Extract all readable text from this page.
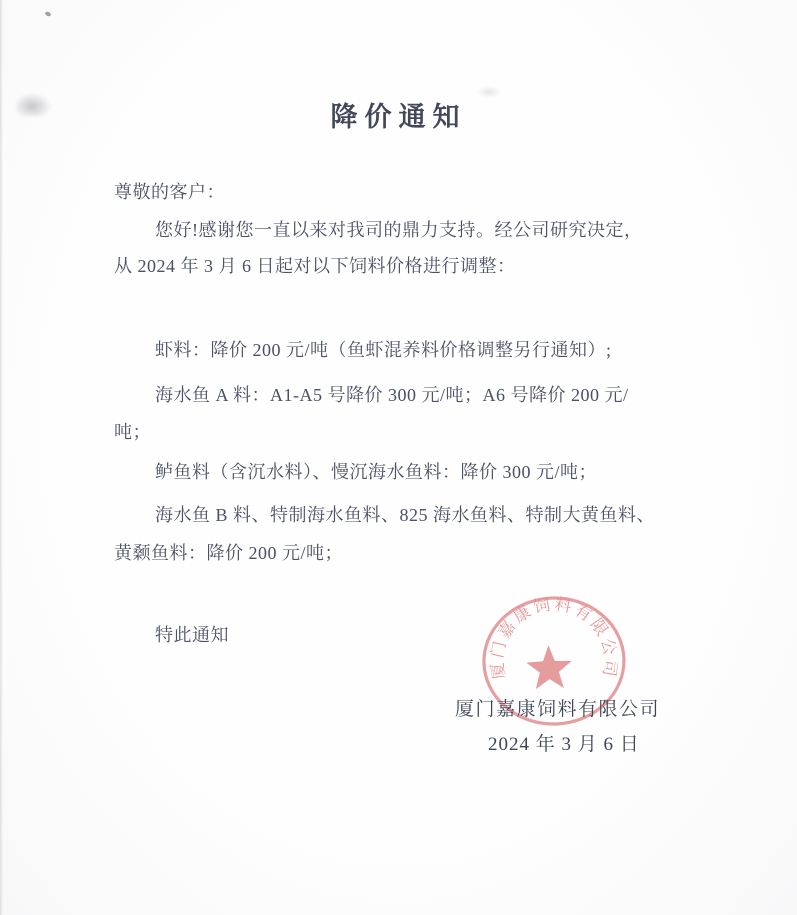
降价通知
尊敬的客户：
您好!感谢您一直以来对我司的鼎力支持。经公司研究决定，
从 2024 年 3 月 6 日起对以下饲料价格进行调整：
虾料：降价 200 元/吨（鱼虾混养料价格调整另行通知）;
海水鱼 A 料：A1-A5 号降价 300 元/吨；A6 号降价 200 元/
吨；
鲈鱼料（含沉水料）、慢沉海水鱼料：降价 300 元/吨；
海水鱼 B 料、特制海水鱼料、825 海水鱼料、特制大黄鱼料、
黄颡鱼料：降价 200 元/吨；
特此通知
厦门嘉康饲料有限公司
厦门嘉康饲料有限公司
2024 年 3 月 6 日
